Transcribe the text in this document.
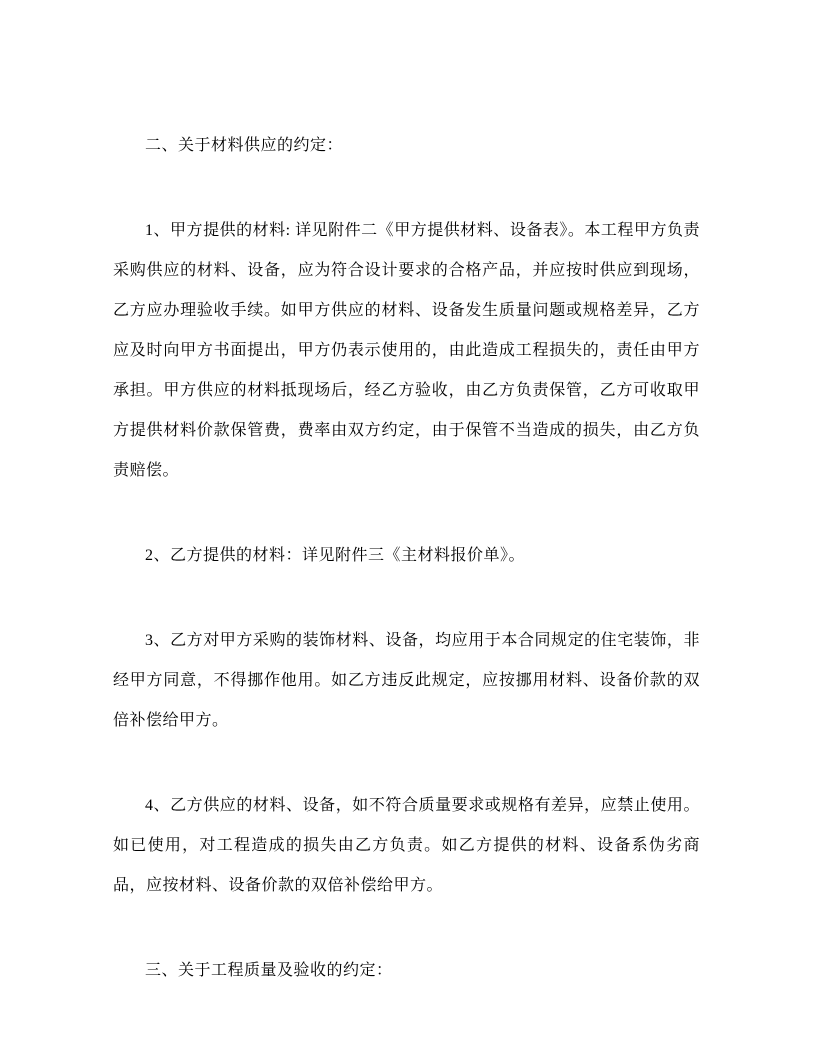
二、关于材料供应的约定：

1、甲方提供的材料: 详见附件二《甲方提供材料、设备表》。本工程甲方负责采购供应的材料、设备，应为符合设计要求的合格产品，并应按时供应到现场，乙方应办理验收手续。如甲方供应的材料、设备发生质量问题或规格差异，乙方应及时向甲方书面提出，甲方仍表示使用的，由此造成工程损失的，责任由甲方承担。甲方供应的材料抵现场后，经乙方验收，由乙方负责保管，乙方可收取甲方提供材料价款保管费，费率由双方约定，由于保管不当造成的损失，由乙方负责赔偿。

2、乙方提供的材料：详见附件三《主材料报价单》。

3、乙方对甲方采购的装饰材料、设备，均应用于本合同规定的住宅装饰，非经甲方同意，不得挪作他用。如乙方违反此规定，应按挪用材料、设备价款的双倍补偿给甲方。

4、乙方供应的材料、设备，如不符合质量要求或规格有差异，应禁止使用。如已使用，对工程造成的损失由乙方负责。如乙方提供的材料、设备系伪劣商品，应按材料、设备价款的双倍补偿给甲方。

三、关于工程质量及验收的约定：
